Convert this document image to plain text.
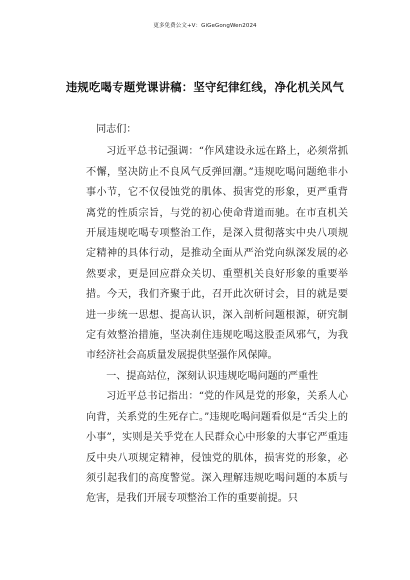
更多免费公文+V：GiGeGongWen2024
违规吃喝专题党课讲稿：坚守纪律红线，净化机关风气

同志们：

习近平总书记强调：“作风建设永远在路上，必须常抓不懈，坚决防止不良风气反弹回潮。”违规吃喝问题绝非小事小节，它不仅侵蚀党的肌体、损害党的形象，更严重背离党的性质宗旨，与党的初心使命背道而驰。在市直机关开展违规吃喝专项整治工作，是深入贯彻落实中央八项规定精神的具体行动，是推动全面从严治党向纵深发展的必然要求，更是回应群众关切、重塑机关良好形象的重要举措。今天，我们齐聚于此，召开此次研讨会，目的就是要进一步统一思想、提高认识，深入剖析问题根源，研究制定有效整治措施，坚决刹住违规吃喝这股歪风邪气，为我市经济社会高质量发展提供坚强作风保障。

一、提高站位，深刻认识违规吃喝问题的严重性

习近平总书记指出：“党的作风是党的形象，关系人心向背，关系党的生死存亡。”违规吃喝问题看似是“舌尖上的小事”，实则是关乎党在人民群众心中形象的大事它严重违反中央八项规定精神，侵蚀党的肌体，损害党的形象，必须引起我们的高度警觉。深入理解违规吃喝问题的本质与危害，是我们开展专项整治工作的重要前提。只
